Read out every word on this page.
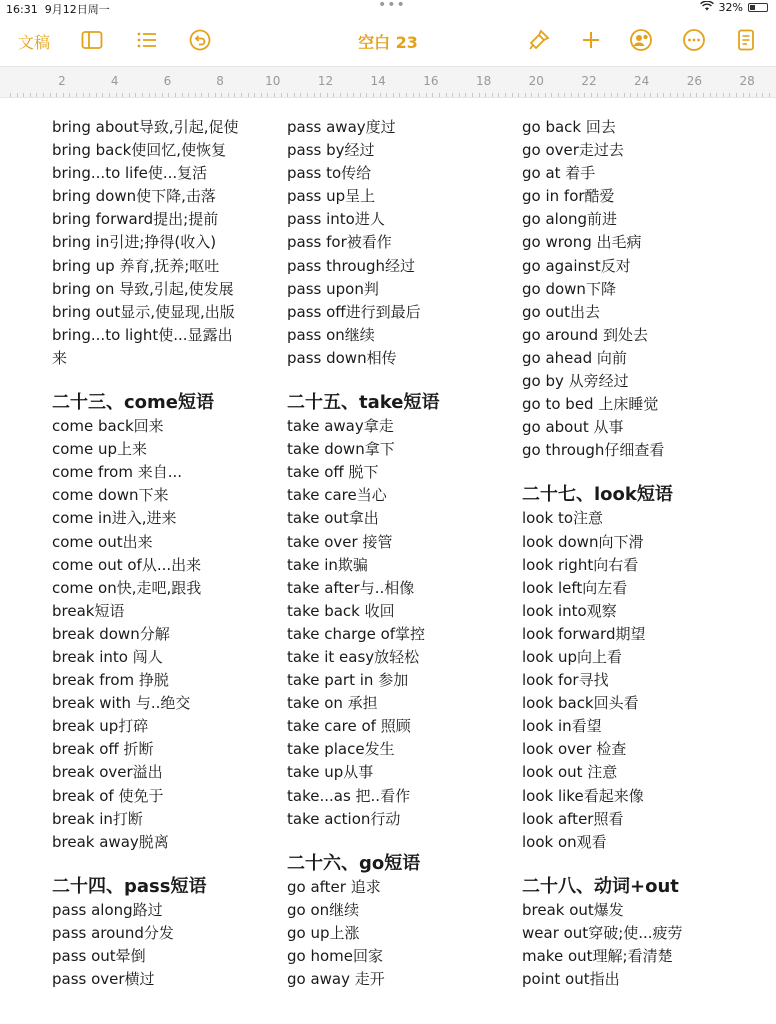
16:31 9月12日周一	•••	32%
文稿	空白 23
2	4	6	8	10	12	14	16	18	20	22	24	26	28
bring about导致,引起,促使
bring back使回忆,使恢复
bring...to life使...复活
bring down使下降,击落
bring forward提出;提前
bring in引进;挣得(收入)
bring up 养育,抚养;呕吐
bring on 导致,引起,使发展
bring out显示,使显现,出版
bring...to light使...显露出
来
二十三、come短语
come back回来
come up上来
come from 来自...
come down下来
come in进入,进来
come out出来
come out of从...出来
come on快,走吧,跟我
break短语
break down分解
break into 闯人
break from 挣脱
break with 与..绝交
break up打碎
break off 折断
break over溢出
break of 使免于
break in打断
break away脱离
二十四、pass短语
pass along路过
pass around分发
pass out晕倒
pass over横过
pass away度过
pass by经过
pass to传给
pass up呈上
pass into进人
pass for被看作
pass through经过
pass upon判
pass off进行到最后
pass on继续
pass down相传
二十五、take短语
take away拿走
take down拿下
take off 脱下
take care当心
take out拿出
take over 接管
take in欺骗
take after与..相像
take back 收回
take charge of掌控
take it easy放轻松
take part in 参加
take on 承担
take care of 照顾
take place发生
take up从事
take...as 把..看作
take action行动
二十六、go短语
go after 追求
go on继续
go up上涨
go home回家
go away 走开
go back 回去
go over走过去
go at 着手
go in for酷爱
go along前进
go wrong 出毛病
go against反对
go down下降
go out出去
go around 到处去
go ahead 向前
go by 从旁经过
go to bed 上床睡觉
go about 从事
go through仔细查看
二十七、look短语
look to注意
look down向下滑
look right向右看
look left向左看
look into观察
look forward期望
look up向上看
look for寻找
look back回头看
look in看望
look over 检查
look out 注意
look like看起来像
look after照看
look on观看
二十八、动词+out
break out爆发
wear out穿破;使...疲劳
make out理解;看清楚
point out指出
